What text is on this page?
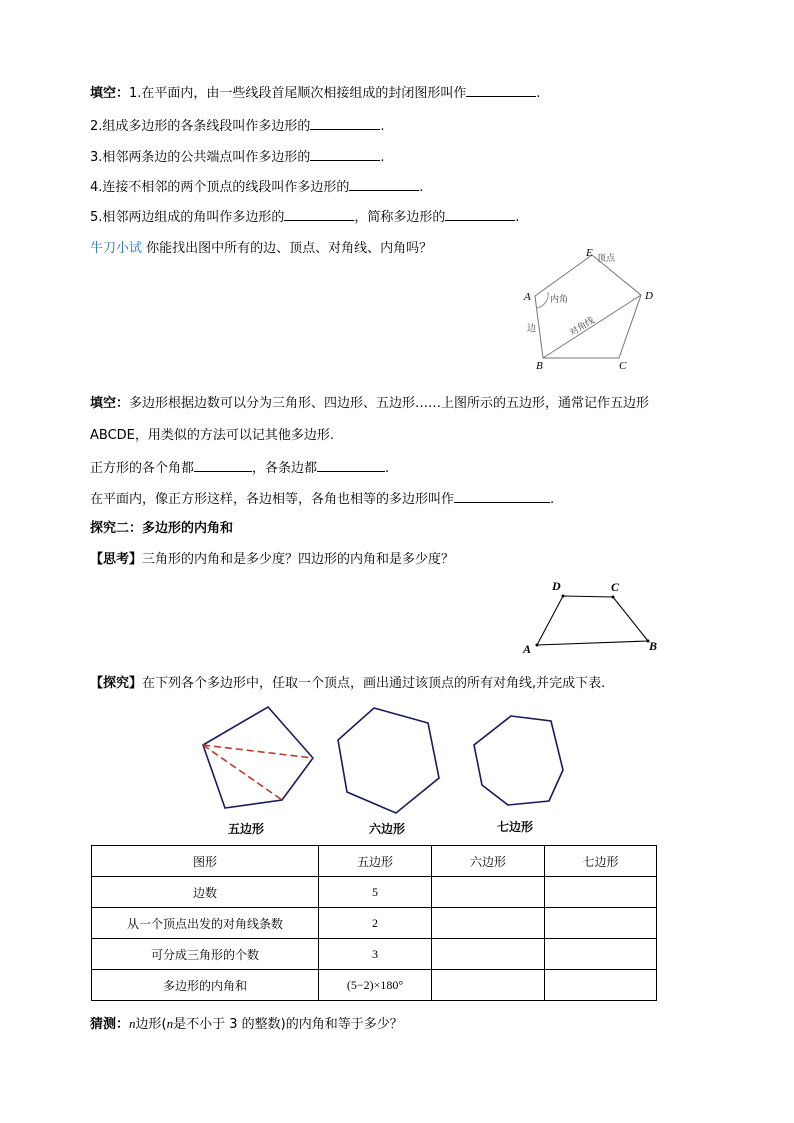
填空：1.在平面内，由一些线段首尾顺次相接组成的封闭图形叫作	.
2.组成多边形的各条线段叫作多边形的	.
3.相邻两条边的公共端点叫作多边形的	.
4.连接不相邻的两个顶点的线段叫作多边形的	.
5.相邻两边组成的角叫作多边形的	，简称多边形的	.
牛刀小试 你能找出图中所有的边、顶点、对角线、内角吗？
A
B	C
D
E 顶点
内角
边	对角线
填空：多边形根据边数可以分为三角形、四边形、五边形……上图所示的五边形，通常记作五边形
ABCDE，用类似的方法可以记其他多边形.
正方形的各个角都	，各条边都	.
在平面内，像正方形这样，各边相等，各角也相等的多边形叫作	.
探究二：多边形的内角和
【思考】三角形的内角和是多少度？四边形的内角和是多少度？
A	B
C
D
【探究】在下列各个多边形中，任取一个顶点，画出通过该顶点的所有对角线,并完成下表.
五边形	六边形	七边形
图形	五边形	六边形	七边形
边数	5		
从一个顶点出发的对角线条数	2		
可分成三角形的个数	3		
多边形的内角和	(5−2)×180°		
猜测：n边形(n是不小于 3 的整数)的内角和等于多少？
